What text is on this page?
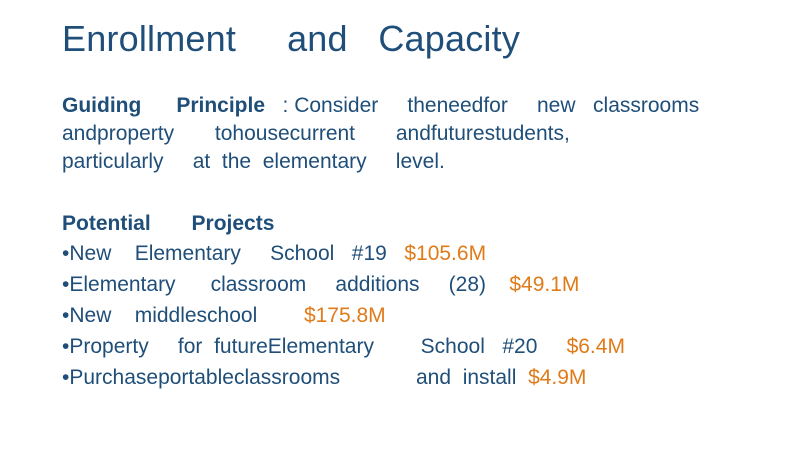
Enrollment     and   Capacity
Guiding      Principle   : Consider     theneedfor     new   classrooms
andproperty       tohousecurrent       andfuturestudents,
particularly     at  the  elementary     level.
Potential       Projects
•New    Elementary     School   #19   $105.6M
•Elementary      classroom     additions     (28)    $49.1M
•New    middleschool        $175.8M
•Property     for  futureElementary        School   #20     $6.4M
•Purchaseportableclassrooms             and  install  $4.9M
